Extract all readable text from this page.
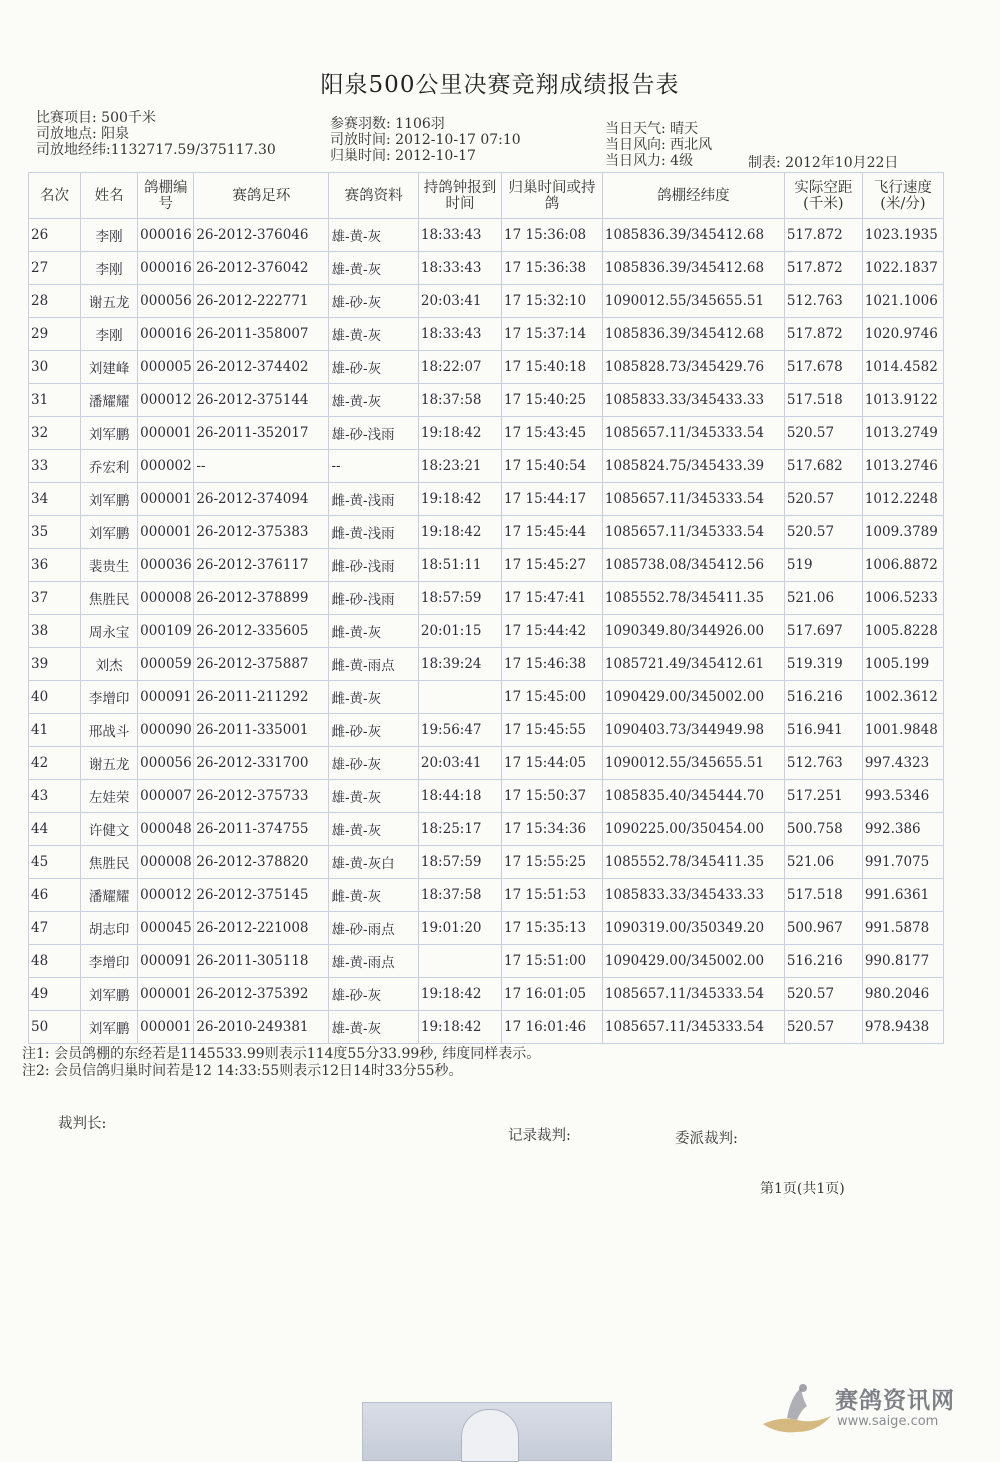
阳泉500公里决赛竞翔成绩报告表
比赛项目: 500千米
司放地点: 阳泉
司放地经纬:1132717.59/375117.30
参赛羽数: 1106羽
司放时间: 2012-10-17 07:10
归巢时间: 2012-10-17
当日天气: 晴天
当日风向: 西北风
当日风力: 4级	制表: 2012年10月22日
名次	姓名	鸽棚编号	赛鸽足环	赛鸽资料	持鸽钟报到时间	归巢时间或持鸽	鸽棚经纬度	实际空距(千米)	飞行速度(米/分)
26	李刚	000016	26-2012-376046	雄-黄-灰	18:33:43	17 15:36:08	1085836.39/345412.68	517.872	1023.1935
27	李刚	000016	26-2012-376042	雄-黄-灰	18:33:43	17 15:36:38	1085836.39/345412.68	517.872	1022.1837
28	谢五龙	000056	26-2012-222771	雄-砂-灰	20:03:41	17 15:32:10	1090012.55/345655.51	512.763	1021.1006
29	李刚	000016	26-2011-358007	雄-黄-灰	18:33:43	17 15:37:14	1085836.39/345412.68	517.872	1020.9746
30	刘建峰	000005	26-2012-374402	雄-砂-灰	18:22:07	17 15:40:18	1085828.73/345429.76	517.678	1014.4582
31	潘耀耀	000012	26-2012-375144	雄-黄-灰	18:37:58	17 15:40:25	1085833.33/345433.33	517.518	1013.9122
32	刘军鹏	000001	26-2011-352017	雄-砂-浅雨	19:18:42	17 15:43:45	1085657.11/345333.54	520.57	1013.2749
33	乔宏利	000002	--	--	18:23:21	17 15:40:54	1085824.75/345433.39	517.682	1013.2746
34	刘军鹏	000001	26-2012-374094	雌-黄-浅雨	19:18:42	17 15:44:17	1085657.11/345333.54	520.57	1012.2248
35	刘军鹏	000001	26-2012-375383	雌-黄-浅雨	19:18:42	17 15:45:44	1085657.11/345333.54	520.57	1009.3789
36	裴贵生	000036	26-2012-376117	雌-砂-浅雨	18:51:11	17 15:45:27	1085738.08/345412.56	519	1006.8872
37	焦胜民	000008	26-2012-378899	雌-砂-浅雨	18:57:59	17 15:47:41	1085552.78/345411.35	521.06	1006.5233
38	周永宝	000109	26-2012-335605	雌-黄-灰	20:01:15	17 15:44:42	1090349.80/344926.00	517.697	1005.8228
39	刘杰	000059	26-2012-375887	雌-黄-雨点	18:39:24	17 15:46:38	1085721.49/345412.61	519.319	1005.199
40	李增印	000091	26-2011-211292	雌-黄-灰		17 15:45:00	1090429.00/345002.00	516.216	1002.3612
41	邢战斗	000090	26-2011-335001	雌-砂-灰	19:56:47	17 15:45:55	1090403.73/344949.98	516.941	1001.9848
42	谢五龙	000056	26-2012-331700	雄-砂-灰	20:03:41	17 15:44:05	1090012.55/345655.51	512.763	997.4323
43	左娃荣	000007	26-2012-375733	雄-黄-灰	18:44:18	17 15:50:37	1085835.40/345444.70	517.251	993.5346
44	许健文	000048	26-2011-374755	雄-黄-灰	18:25:17	17 15:34:36	1090225.00/350454.00	500.758	992.386
45	焦胜民	000008	26-2012-378820	雄-黄-灰白	18:57:59	17 15:55:25	1085552.78/345411.35	521.06	991.7075
46	潘耀耀	000012	26-2012-375145	雌-黄-灰	18:37:58	17 15:51:53	1085833.33/345433.33	517.518	991.6361
47	胡志印	000045	26-2012-221008	雄-砂-雨点	19:01:20	17 15:35:13	1090319.00/350349.20	500.967	991.5878
48	李增印	000091	26-2011-305118	雄-黄-雨点		17 15:51:00	1090429.00/345002.00	516.216	990.8177
49	刘军鹏	000001	26-2012-375392	雄-砂-灰	19:18:42	17 16:01:05	1085657.11/345333.54	520.57	980.2046
50	刘军鹏	000001	26-2010-249381	雄-黄-灰	19:18:42	17 16:01:46	1085657.11/345333.54	520.57	978.9438
注1: 会员鸽棚的东经若是1145533.99则表示114度55分33.99秒, 纬度同样表示。
注2: 会员信鸽归巢时间若是12 14:33:55则表示12日14时33分55秒。
裁判长:
记录裁判:	委派裁判:
第1页(共1页)
赛鸽资讯网
www.saige.com
